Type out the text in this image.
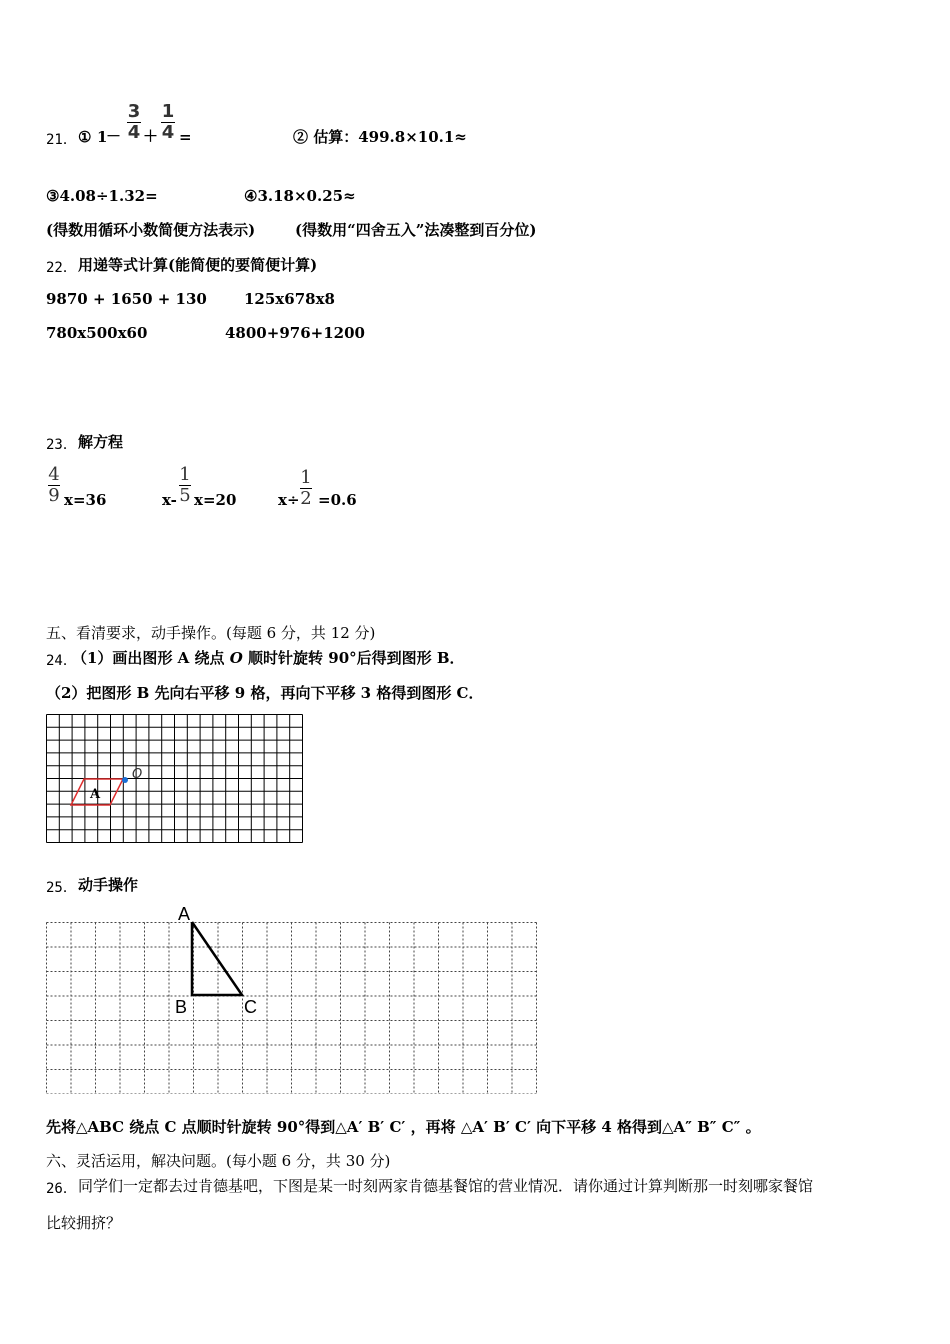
21． ① 1
－
3
4 ＋
1
4 =	② 估算：499.8×10.1≈
③4.08÷1.32=	④3.18×0.25≈
(得数用循环小数简便方法表示)	(得数用“四舍五入”法凑整到百分位)
22． 用递等式计算(能简便的要简便计算)
9870 + 1650 + 130 125x678x8
780x500x60	4800+976+1200
23． 解方程
4
9 x=36	x-
1
5 x=20	x÷
1
2 =0.6
五、看清要求，动手操作。(每题 6 分，共 12 分)
24．
（1）画出图形 A 绕点 O 顺时针旋转 90°后得到图形 B．
（2）把图形 B 先向右平移 9 格，再向下平移 3 格得到图形 C．
A
O
25． 动手操作
A
B	C
先将△ABC 绕点 C 点顺时针旋转 90°得到△A′ B′ C′ ，再将 △A′ B′ C′ 向下平移 4 格得到△A″ B″ C″ 。
六、灵活运用，解决问题。(每小题 6 分，共 30 分)
26． 同学们一定都去过肯德基吧，下图是某一时刻两家肯德基餐馆的营业情况．请你通过计算判断那一时刻哪家餐馆
比较拥挤？
